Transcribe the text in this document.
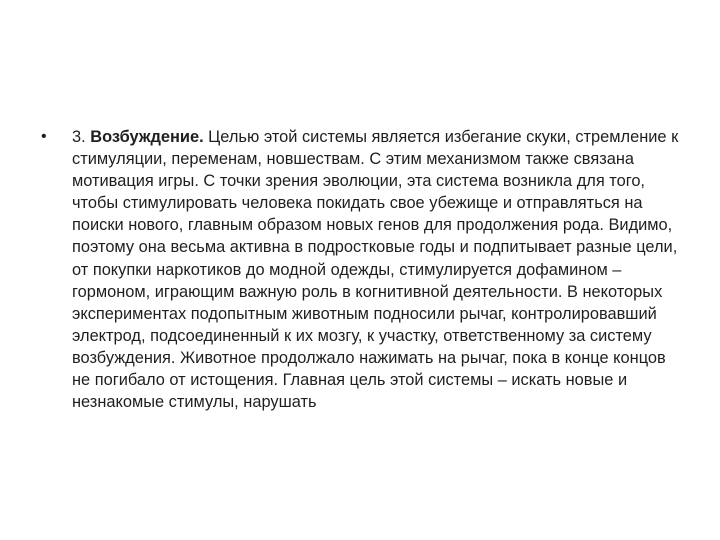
• 3. Возбуждение. Целью этой системы является избегание скуки, стремление к стимуляции, переменам, новшествам. С этим механизмом также связана мотивация игры. С точки зрения эволюции, эта система возникла для того, чтобы стимулировать человека покидать свое убежище и отправляться на поиски нового, главным образом новых генов для продолжения рода. Видимо, поэтому она весьма активна в подростковые годы и подпитывает разные цели, от покупки наркотиков до модной одежды, стимулируется дофамином – гормоном, играющим важную роль в когнитивной деятельности. В некоторых экспериментах подопытным животным подносили рычаг, контролировавший электрод, подсоединенный к их мозгу, к участку, ответственному за систему возбуждения. Животное продолжало нажимать на рычаг, пока в конце концов не погибало от истощения. Главная цель этой системы – искать новые и незнакомые стимулы, нарушать
